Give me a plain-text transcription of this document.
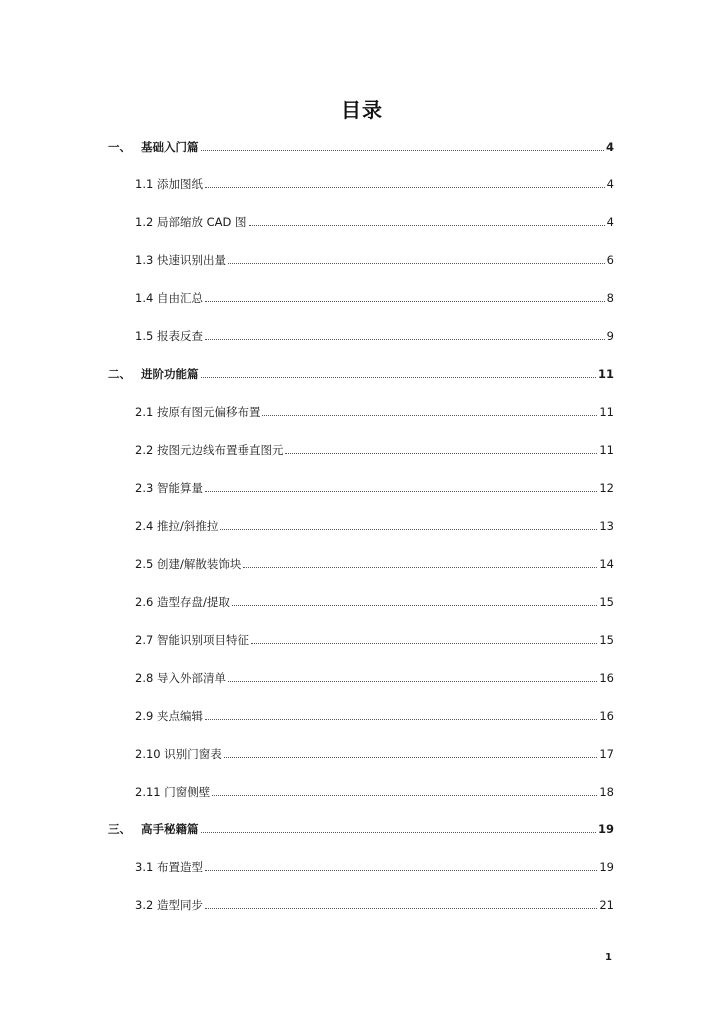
目录
一、 基础入门篇	4
1.1 添加图纸	4
1.2 局部缩放 CAD 图	4
1.3 快速识别出量	6
1.4 自由汇总	8
1.5 报表反查	9
二、 进阶功能篇	11
2.1 按原有图元偏移布置	11
2.2 按图元边线布置垂直图元	11
2.3 智能算量	12
2.4 推拉/斜推拉	13
2.5 创建/解散装饰块	14
2.6 造型存盘/提取	15
2.7 智能识别项目特征	15
2.8 导入外部清单	16
2.9 夹点编辑	16
2.10 识别门窗表	17
2.11 门窗侧壁	18
三、 高手秘籍篇	19
3.1 布置造型	19
3.2 造型同步	21
1
